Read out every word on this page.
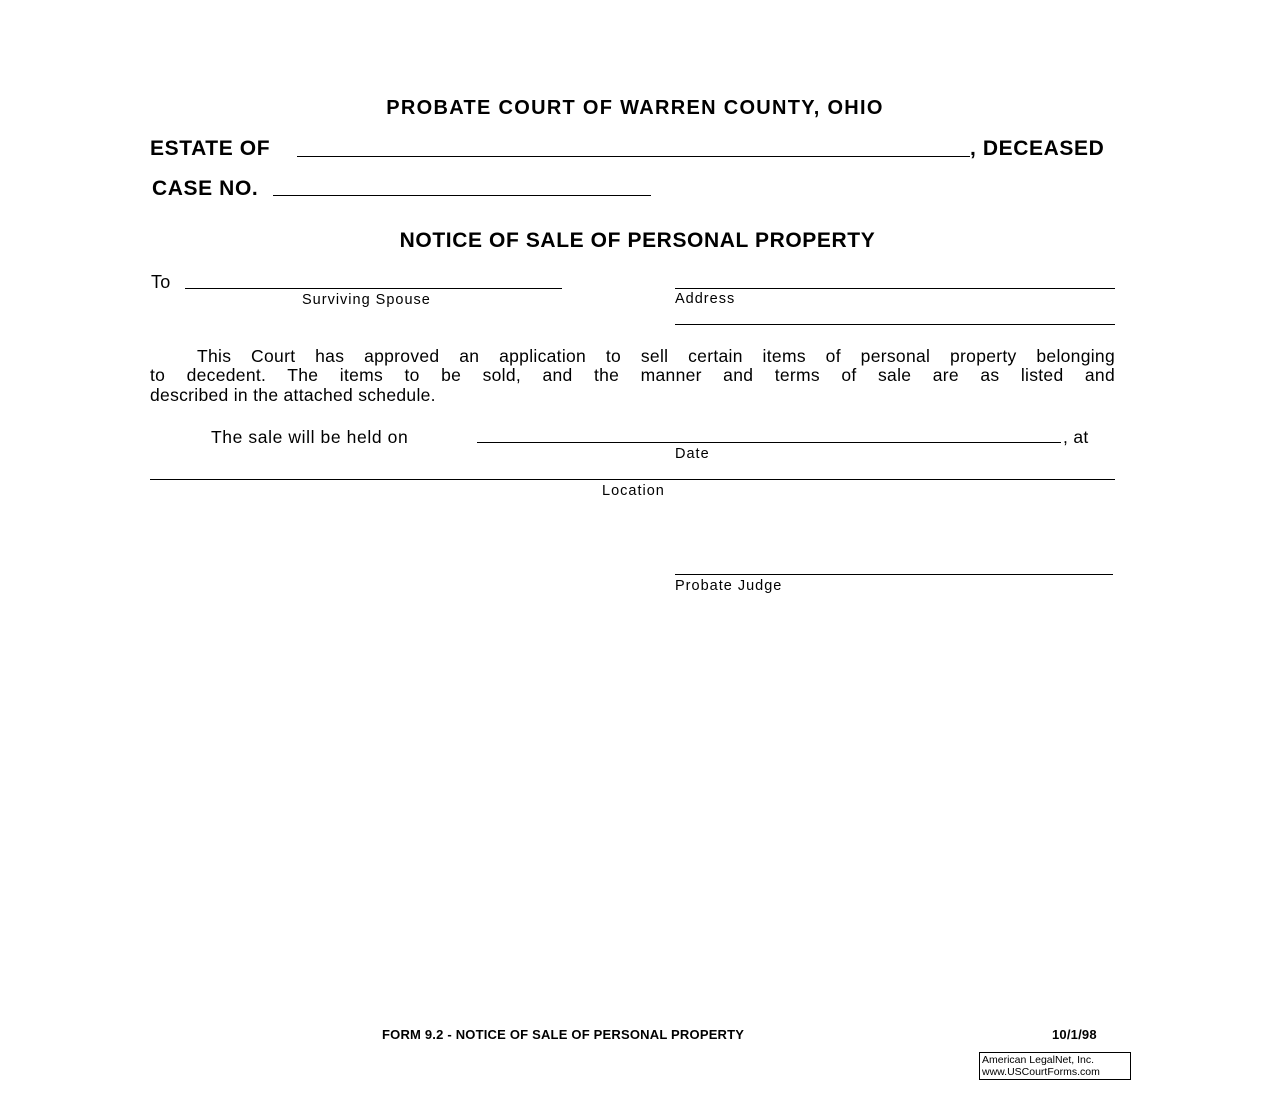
PROBATE COURT OF WARREN COUNTY, OHIO
ESTATE OF	, DECEASED
CASE NO.
NOTICE OF SALE OF PERSONAL PROPERTY
To
Surviving Spouse	Address
This Court has approved an application to sell certain items of personal property belonging
to decedent. The items to be sold, and the manner and terms of sale are as listed and
described in the attached schedule.
The sale will be held on	, at
Date
Location
Probate Judge
FORM 9.2 - NOTICE OF SALE OF PERSONAL PROPERTY	10/1/98
American LegalNet, Inc.
www.USCourtForms.com
